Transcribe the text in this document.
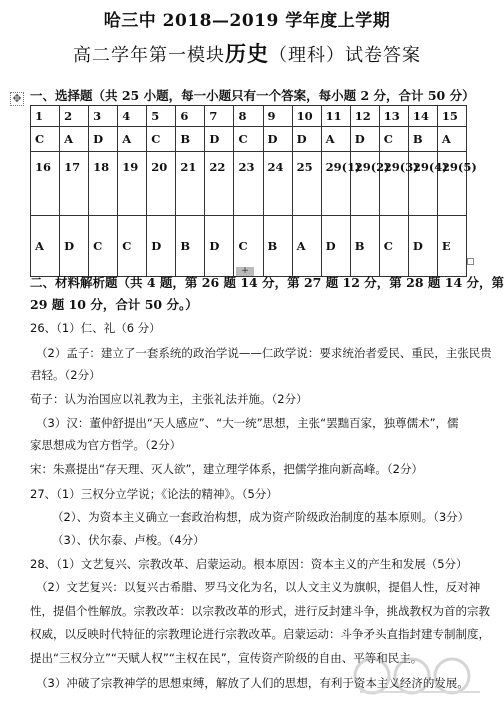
哈三中 2018—2019 学年度上学期
高二学年第一模块历史（理科）试卷答案
✥ 一、选择题（共 25 小题，每一小题只有一个答案，每小题 2 分，合计 50 分）
1	2	3	4	5	6	7	8	9	10	11	12	13	14	15
C	A	D	A	C	B	D	C	D	D	A	D	C	B	A
16	17	18	19	20	21	22	23	24	25	29(1)	29(2)	29(3)	29(4)	29(5)
A	D	C	C	D	B	D	C	B	A	D	B	C	D	E
+
二、材料解析题（共 4 题，第 26 题 14 分，第 27 题 12 分，第 28 题 14 分，第
29 题 10 分，合计 50 分。）
26、（1）仁、礼（6 分）
（2）孟子：建立了一套系统的政治学说——仁政学说：要求统治者爱民、重民，主张民贵
君轻。（2分）
荀子：认为治国应以礼教为主，主张礼法并施。（2分）
（3）汉：董仲舒提出“天人感应”、“大一统”思想，主张“罢黜百家，独尊儒术”，儒
家思想成为官方哲学。（2分）
宋：朱熹提出“存天理、灭人欲”，建立理学体系，把儒学推向新高峰。（2分）
27、（1）三权分立学说；《论法的精神》。（5分）
（2）、为资本主义确立一套政治构想，成为资产阶级政治制度的基本原则。（3分）
（3）、伏尔泰、卢梭。（4分）
28、（1）文艺复兴、宗教改革、启蒙运动。根本原因：资本主义的产生和发展（5分）
（2）文艺复兴：以复兴古希腊、罗马文化为名，以人文主义为旗帜，提倡人性，反对神
性，提倡个性解放。宗教改革：以宗教改革的形式，进行反封建斗争，挑战教权为首的宗教
权威，以反映时代特征的宗教理论进行宗教改革。启蒙运动：斗争矛头直指封建专制制度，
提出“三权分立”“天赋人权”“主权在民”，宣传资产阶级的自由、平等和民主。
（3）冲破了宗教神学的思想束缚，解放了人们的思想，有利于资本主义经济的发展。
